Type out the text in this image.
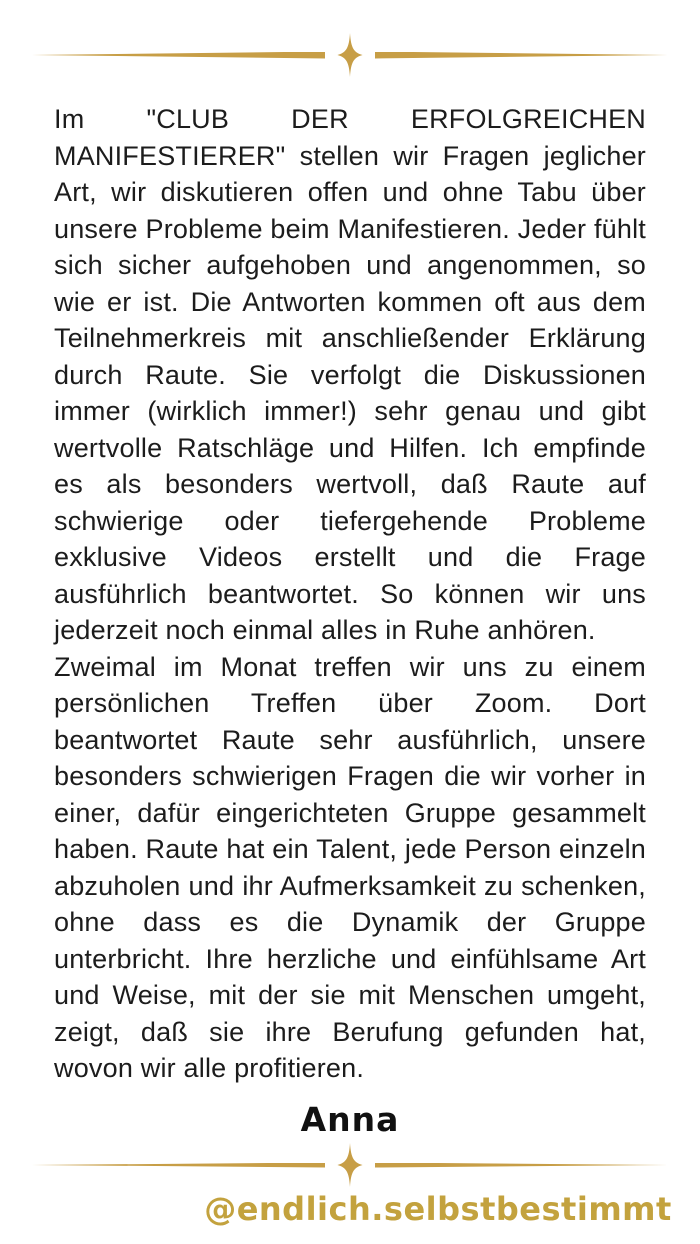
Im "CLUB DER ERFOLGREICHEN MANIFESTIERER" stellen wir Fragen jeglicher Art, wir diskutieren offen und ohne Tabu über unsere Probleme beim Manifestieren. Jeder fühlt sich sicher aufgehoben und angenommen, so wie er ist. Die Antworten kommen oft aus dem Teilnehmerkreis mit anschließender Erklärung durch Raute. Sie verfolgt die Diskussionen immer (wirklich immer!) sehr genau und gibt wertvolle Ratschläge und Hilfen. Ich empfinde es als besonders wertvoll, daß Raute auf schwierige oder tiefergehende Probleme exklusive Videos erstellt und die Frage ausführlich beantwortet. So können wir uns jederzeit noch einmal alles in Ruhe anhören.

Zweimal im Monat treffen wir uns zu einem persönlichen Treffen über Zoom. Dort beantwortet Raute sehr ausführlich, unsere besonders schwierigen Fragen die wir vorher in einer, dafür eingerichteten Gruppe gesammelt haben. Raute hat ein Talent, jede Person einzeln abzuholen und ihr Aufmerksamkeit zu schenken, ohne dass es die Dynamik der Gruppe unterbricht. Ihre herzliche und einfühlsame Art und Weise, mit der sie mit Menschen umgeht, zeigt, daß sie ihre Berufung gefunden hat, wovon wir alle profitieren.

Anna
@endlich.selbstbestimmt
